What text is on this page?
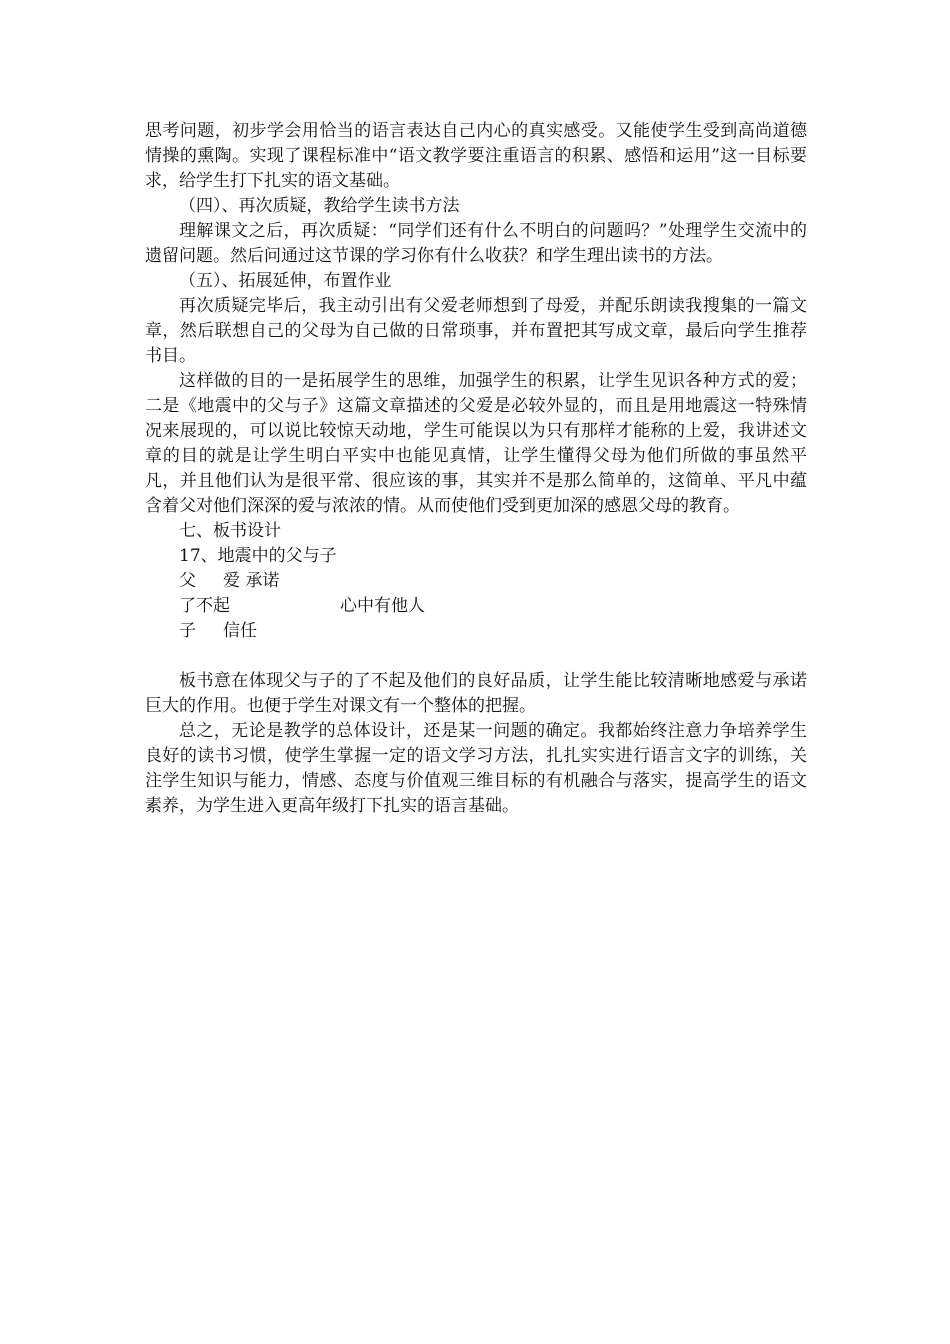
思考问题，初步学会用恰当的语言表达自己内心的真实感受。又能使学生受到高尚道德情操的熏陶。实现了课程标准中“语文教学要注重语言的积累、感悟和运用”这一目标要求，给学生打下扎实的语文基础。

（四）、再次质疑，教给学生读书方法

理解课文之后，再次质疑：“同学们还有什么不明白的问题吗？”处理学生交流中的遗留问题。然后问通过这节课的学习你有什么收获？和学生理出读书的方法。

（五）、拓展延伸，布置作业

再次质疑完毕后，我主动引出有父爱老师想到了母爱，并配乐朗读我搜集的一篇文章，然后联想自己的父母为自己做的日常琐事，并布置把其写成文章，最后向学生推荐书目。

这样做的目的一是拓展学生的思维，加强学生的积累，让学生见识各种方式的爱；二是《地震中的父与子》这篇文章描述的父爱是必较外显的，而且是用地震这一特殊情况来展现的，可以说比较惊天动地，学生可能误以为只有那样才能称的上爱，我讲述文章的目的就是让学生明白平实中也能见真情，让学生懂得父母为他们所做的事虽然平凡，并且他们认为是很平常、很应该的事，其实并不是那么简单的，这简单、平凡中蕴含着父对他们深深的爱与浓浓的情。从而使他们受到更加深的感恩父母的教育。

七、板书设计

17、地震中的父与子

父 爱 承诺

了不起	心中有他人

子 信任

板书意在体现父与子的了不起及他们的良好品质，让学生能比较清晰地感爱与承诺巨大的作用。也便于学生对课文有一个整体的把握。

总之，无论是教学的总体设计，还是某一问题的确定。我都始终注意力争培养学生良好的读书习惯，使学生掌握一定的语文学习方法，扎扎实实进行语言文字的训练，关注学生知识与能力，情感、态度与价值观三维目标的有机融合与落实，提高学生的语文素养，为学生进入更高年级打下扎实的语言基础。
